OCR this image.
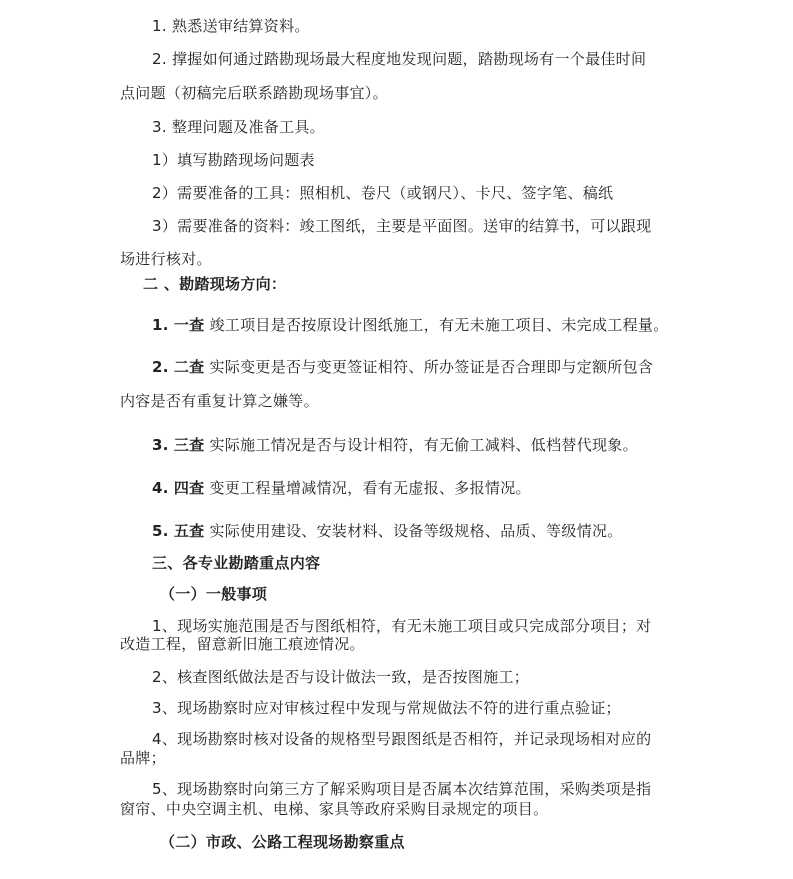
1. 熟悉送审结算资料。
2. 撑握如何通过踏勘现场最大程度地发现问题，踏勘现场有一个最佳时间
点问题（初稿完后联系踏勘现场事宜）。
3. 整理问题及准备工具。
1）填写勘踏现场问题表
2）需要准备的工具：照相机、卷尺（或钢尺）、卡尺、签字笔、稿纸
3）需要准备的资料：竣工图纸，主要是平面图。送审的结算书，可以跟现
场进行核对。
二 、勘踏现场方向：
1. 一查 竣工项目是否按原设计图纸施工，有无未施工项目、未完成工程量。
2. 二查 实际变更是否与变更签证相符、所办签证是否合理即与定额所包含
内容是否有重复计算之嫌等。
3. 三查 实际施工情况是否与设计相符，有无偷工减料、低档替代现象。
4. 四查 变更工程量增减情况，看有无虚报、多报情况。
5. 五查 实际使用建设、安装材料、设备等级规格、品质、等级情况。
三、各专业勘踏重点内容
（一）一般事项
1、现场实施范围是否与图纸相符，有无未施工项目或只完成部分项目；对
改造工程，留意新旧施工痕迹情况。
2、核查图纸做法是否与设计做法一致，是否按图施工；
3、现场勘察时应对审核过程中发现与常规做法不符的进行重点验证；
4、现场勘察时核对设备的规格型号跟图纸是否相符，并记录现场相对应的
品牌；
5、现场勘察时向第三方了解采购项目是否属本次结算范围，采购类项是指
窗帘、中央空调主机、电梯、家具等政府采购目录规定的项目。
（二）市政、公路工程现场勘察重点
